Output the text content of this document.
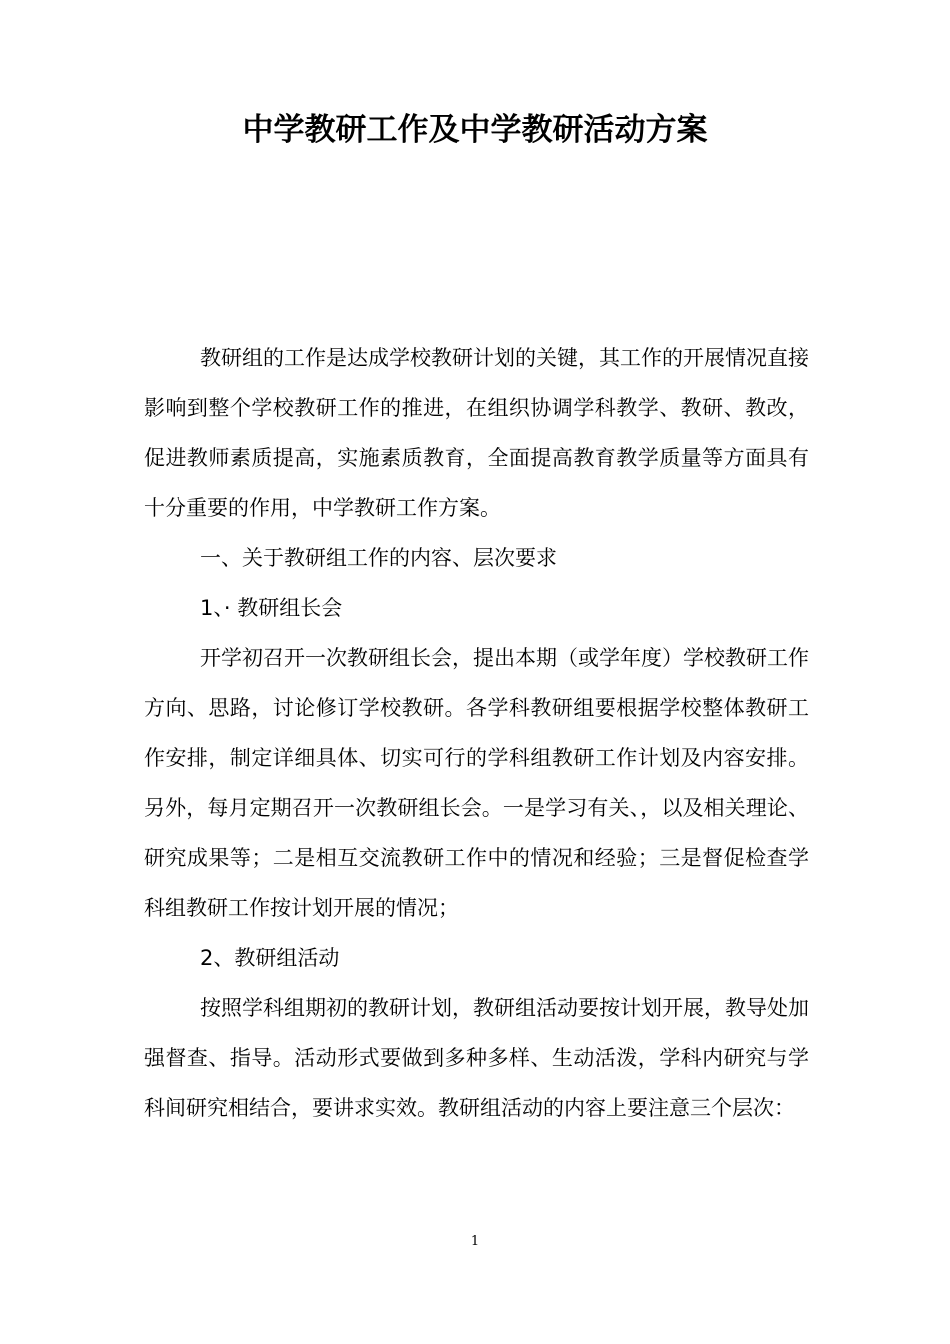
中学教研工作及中学教研活动方案

教研组的工作是达成学校教研计划的关键，其工作的开展情况直接影响到整个学校教研工作的推进，在组织协调学科教学、教研、教改，促进教师素质提高，实施素质教育，全面提高教育教学质量等方面具有十分重要的作用，中学教研工作方案。

一、关于教研组工作的内容、层次要求

1、· 教研组长会

开学初召开一次教研组长会，提出本期（或学年度）学校教研工作方向、思路，讨论修订学校教研。各学科教研组要根据学校整体教研工作安排，制定详细具体、切实可行的学科组教研工作计划及内容安排。另外，每月定期召开一次教研组长会。一是学习有关、，以及相关理论、研究成果等；二是相互交流教研工作中的情况和经验；三是督促检查学科组教研工作按计划开展的情况；

2、教研组活动

按照学科组期初的教研计划，教研组活动要按计划开展，教导处加强督查、指导。活动形式要做到多种多样、生动活泼，学科内研究与学科间研究相结合，要讲求实效。教研组活动的内容上要注意三个层次：

1
